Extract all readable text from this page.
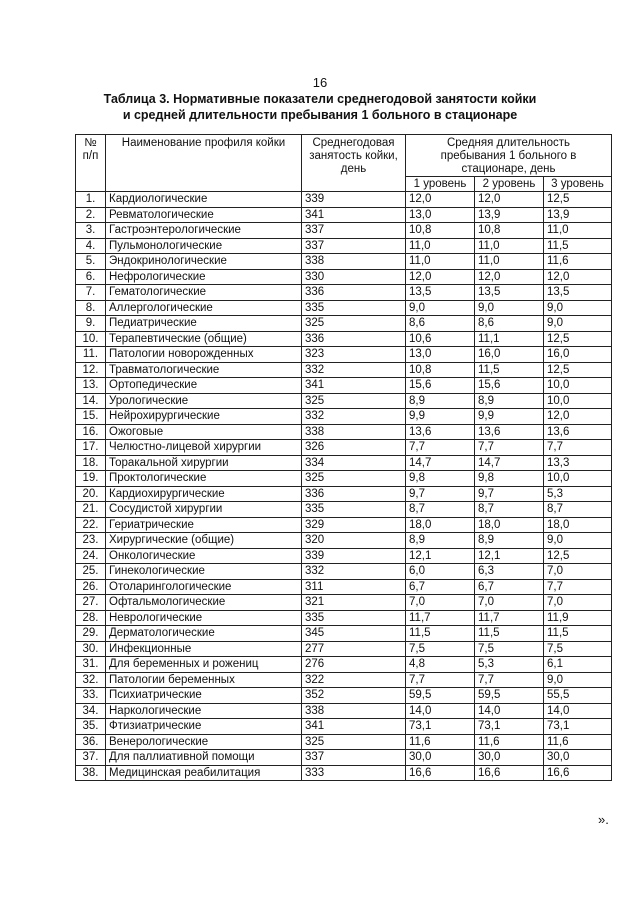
16
Таблица 3. Нормативные показатели среднегодовой занятости койки
и средней длительности пребывания 1 больного в стационаре
№ п/п	Наименование профиля койки	Среднегодовая занятость койки, день	Средняя длительность пребывания 1 больного в стационаре, день		
			1 уровень	2 уровень	3 уровень
1.	Кардиологические	339	12,0	12,0	12,5
2.	Ревматологические	341	13,0	13,9	13,9
3.	Гастроэнтерологические	337	10,8	10,8	11,0
4.	Пульмонологические	337	11,0	11,0	11,5
5.	Эндокринологические	338	11,0	11,0	11,6
6.	Нефрологические	330	12,0	12,0	12,0
7.	Гематологические	336	13,5	13,5	13,5
8.	Аллергологические	335	9,0	9,0	9,0
9.	Педиатрические	325	8,6	8,6	9,0
10.	Терапевтические (общие)	336	10,6	11,1	12,5
11.	Патологии новорожденных	323	13,0	16,0	16,0
12.	Травматологические	332	10,8	11,5	12,5
13.	Ортопедические	341	15,6	15,6	10,0
14.	Урологические	325	8,9	8,9	10,0
15.	Нейрохирургические	332	9,9	9,9	12,0
16.	Ожоговые	338	13,6	13,6	13,6
17.	Челюстно-лицевой хирургии	326	7,7	7,7	7,7
18.	Торакальной хирургии	334	14,7	14,7	13,3
19.	Проктологические	325	9,8	9,8	10,0
20.	Кардиохирургические	336	9,7	9,7	5,3
21.	Сосудистой хирургии	335	8,7	8,7	8,7
22.	Гериатрические	329	18,0	18,0	18,0
23.	Хирургические (общие)	320	8,9	8,9	9,0
24.	Онкологические	339	12,1	12,1	12,5
25.	Гинекологические	332	6,0	6,3	7,0
26.	Отоларингологические	311	6,7	6,7	7,7
27.	Офтальмологические	321	7,0	7,0	7,0
28.	Неврологические	335	11,7	11,7	11,9
29.	Дерматологические	345	11,5	11,5	11,5
30.	Инфекционные	277	7,5	7,5	7,5
31.	Для беременных и рожениц	276	4,8	5,3	6,1
32.	Патологии беременных	322	7,7	7,7	9,0
33.	Психиатрические	352	59,5	59,5	55,5
34.	Наркологические	338	14,0	14,0	14,0
35.	Фтизиатрические	341	73,1	73,1	73,1
36.	Венерологические	325	11,6	11,6	11,6
37.	Для паллиативной помощи	337	30,0	30,0	30,0
38.	Медицинская реабилитация	333	16,6	16,6	16,6
».
